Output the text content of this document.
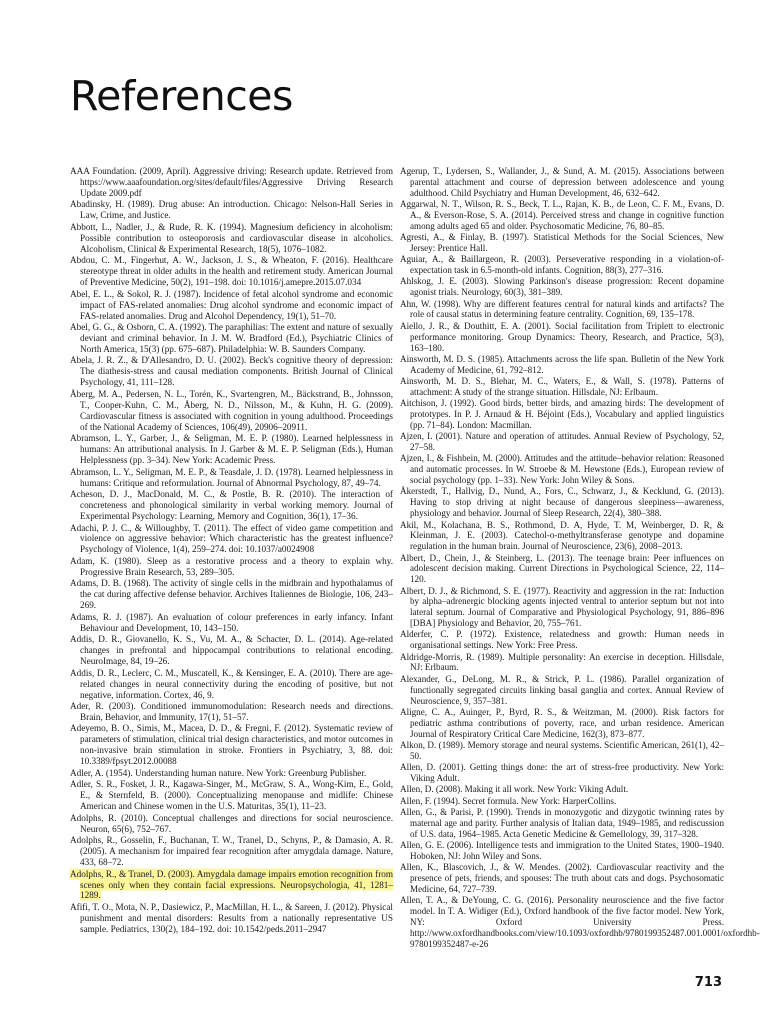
References
AAA Foundation. (2009, April). Aggressive driving: Research update. Retrieved from https://www.aaafoundation.org/sites/default/files/Aggressive Driving Research Update 2009.pdf
Abadinsky, H. (1989). Drug abuse: An introduction. Chicago: Nelson-Hall Series in Law, Crime, and Justice.
Abbott, L., Nadler, J., & Rude, R. K. (1994). Magnesium deficiency in alcoholism: Possible contribution to osteoporosis and cardiovascular disease in alcoholics. Alcoholism, Clinical & Experimental Research, 18(5), 1076–1082.
Abdou, C. M., Fingerhut, A. W., Jackson, J. S., & Wheaton, F. (2016). Healthcare stereotype threat in older adults in the health and retirement study. American Journal of Preventive Medicine, 50(2), 191–198. doi: 10.1016/j.amepre.2015.07.034
Abel, E. L., & Sokol, R. J. (1987). Incidence of fetal alcohol syndrome and economic impact of FAS-related anomalies: Drug alcohol syndrome and economic impact of FAS-related anomalies. Drug and Alcohol Dependency, 19(1), 51–70.
Abel, G. G., & Osborn, C. A. (1992). The paraphilias: The extent and nature of sexually deviant and criminal behavior. In J. M. W. Bradford (Ed.), Psychiatric Clinics of North America, 15(3) (pp. 675–687). Philadelphia: W. B. Saunders Company.
Abela, J. R. Z., & D'Allesandro, D. U. (2002). Beck's cognitive theory of depression: The diathesis-stress and causal mediation components. British Journal of Clinical Psychology, 41, 111–128.
Åberg, M. A., Pedersen, N. L., Torén, K., Svartengren, M., Bäckstrand, B., Johnsson, T., Cooper-Kuhn, C. M., Åberg, N. D., Nilsson, M., & Kuhn, H. G. (2009). Cardiovascular fitness is associated with cognition in young adulthood. Proceedings of the National Academy of Sciences, 106(49), 20906–20911.
Abramson, L. Y., Garber, J., & Seligman, M. E. P. (1980). Learned helplessness in humans: An attributional analysis. In J. Garber & M. E. P. Seligman (Eds.), Human Helplessness (pp. 3–34). New York: Academic Press.
Abramson, L. Y., Seligman, M. E. P., & Teasdale, J. D. (1978). Learned helplessness in humans: Critique and reformulation. Journal of Abnormal Psychology, 87, 49–74.
Acheson, D. J., MacDonald, M. C., & Postle, B. R. (2010). The interaction of concreteness and phonological similarity in verbal working memory. Journal of Experimental Psychology: Learning, Memory and Cognition, 36(1), 17–36.
Adachi, P. J. C., & Willoughby, T. (2011). The effect of video game competition and violence on aggressive behavior: Which characteristic has the greatest influence? Psychology of Violence, 1(4), 259–274. doi: 10.1037/a0024908
Adam, K. (1980). Sleep as a restorative process and a theory to explain why. Progressive Brain Research, 53, 289–305.
Adams, D. B. (1968). The activity of single cells in the midbrain and hypothalamus of the cat during affective defense behavior. Archives Italiennes de Biologie, 106, 243–269.
Adams, R. J. (1987). An evaluation of colour preferences in early infancy. Infant Behaviour and Development, 10, 143–150.
Addis, D. R., Giovanello, K. S., Vu, M. A., & Schacter, D. L. (2014). Age-related changes in prefrontal and hippocampal contributions to relational encoding. NeuroImage, 84, 19–26.
Addis, D. R., Leclerc, C. M., Muscatell, K., & Kensinger, E. A. (2010). There are age-related changes in neural connectivity during the encoding of positive, but not negative, information. Cortex, 46, 9.
Ader, R. (2003). Conditioned immunomodulation: Research needs and directions. Brain, Behavior, and Immunity, 17(1), 51–57.
Adeyemo, B. O., Simis, M., Macea, D. D., & Fregni, F. (2012). Systematic review of parameters of stimulation, clinical trial design characteristics, and motor outcomes in non-invasive brain stimulation in stroke. Frontiers in Psychiatry, 3, 88. doi: 10.3389/fpsyt.2012.00088
Adler, A. (1954). Understanding human nature. New York: Greenburg Publisher.
Adler, S. R., Fosket, J. R., Kagawa-Singer, M., McGraw, S. A., Wong-Kim, E., Gold, E., & Sternfeld, B. (2000). Conceptualizing menopause and midlife: Chinese American and Chinese women in the U.S. Maturitas, 35(1), 11–23.
Adolphs, R. (2010). Conceptual challenges and directions for social neuroscience. Neuron, 65(6), 752–767.
Adolphs, R., Gosselin, F., Buchanan, T. W., Tranel, D., Schyns, P., & Damasio, A. R. (2005). A mechanism for impaired fear recognition after amygdala damage. Nature, 433, 68–72.
Adolphs, R., & Tranel, D. (2003). Amygdala damage impairs emotion recognition from scenes only when they contain facial expressions. Neuropsychologia, 41, 1281–1289.
Afifi, T. O., Mota, N. P., Dasiewicz, P., MacMillan, H. L., & Sareen, J. (2012). Physical punishment and mental disorders: Results from a nationally representative US sample. Pediatrics, 130(2), 184–192. doi: 10.1542/peds.2011–2947
Agerup, T., Lydersen, S., Wallander, J., & Sund, A. M. (2015). Associations between parental attachment and course of depression between adolescence and young adulthood. Child Psychiatry and Human Development, 46, 632–642.
Aggarwal, N. T., Wilson, R. S., Beck, T. L., Rajan, K. B., de Leon, C. F. M., Evans, D. A., & Everson-Rose, S. A. (2014). Perceived stress and change in cognitive function among adults aged 65 and older. Psychosomatic Medicine, 76, 80–85.
Agresti, A., & Finlay, B. (1997). Statistical Methods for the Social Sciences, New Jersey: Prentice Hall.
Aguiar, A., & Baillargeon, R. (2003). Perseverative responding in a violation-of-expectation task in 6.5-month-old infants. Cognition, 88(3), 277–316.
Ahlskog, J. E. (2003). Slowing Parkinson's disease progression: Recent dopamine agonist trials. Neurology, 60(3), 381–389.
Ahn, W. (1998). Why are different features central for natural kinds and artifacts? The role of causal status in determining feature centrality. Cognition, 69, 135–178.
Aiello, J. R., & Douthitt, E. A. (2001). Social facilitation from Triplett to electronic performance monitoring. Group Dynamics: Theory, Research, and Practice, 5(3), 163–180.
Ainsworth, M. D. S. (1985). Attachments across the life span. Bulletin of the New York Academy of Medicine, 61, 792–812.
Ainsworth, M. D. S., Blehar, M. C., Waters, E., & Wall, S. (1978). Patterns of attachment: A study of the strange situation. Hillsdale, NJ: Erlbaum.
Aitchison, J. (1992). Good birds, better birds, and amazing birds: The development of prototypes. In P. J. Arnaud & H. Béjoint (Eds.), Vocabulary and applied linguistics (pp. 71–84). London: Macmillan.
Ajzen, I. (2001). Nature and operation of attitudes. Annual Review of Psychology, 52, 27–58.
Ajzen, I., & Fishbein, M. (2000). Attitudes and the attitude–behavior relation: Reasoned and automatic processes. In W. Stroebe & M. Hewstone (Eds.), European review of social psychology (pp. 1–33). New York: John Wiley & Sons.
Åkerstedt, T., Hallvig, D., Nund, A., Fors, C., Schwarz, J., & Kecklund, G. (2013). Having to stop driving at night because of dangerous sleepiness—awareness, physiology and behavior. Journal of Sleep Research, 22(4), 380–388.
Akil, M., Kolachana, B. S., Rothmond, D. A, Hyde, T. M, Weinberger, D. R, & Kleinman, J. E. (2003). Catechol-o-methyltransferase genotype and dopamine regulation in the human brain. Journal of Neuroscience, 23(6), 2008–2013.
Albert, D., Chein, J., & Steinberg, L. (2013). The teenage brain: Peer influences on adolescent decision making. Current Directions in Psychological Science, 22, 114–120.
Albert, D. J., & Richmond, S. E. (1977). Reactivity and aggression in the rat: Induction by alpha–adrenergic blocking agents injected ventral to anterior septum but not into lateral septum. Journal of Comparative and Physiological Psychology, 91, 886–896 [DBA] Physiology and Behavior, 20, 755–761.
Alderfer, C. P. (1972). Existence, relatedness and growth: Human needs in organisational settings. New York: Free Press.
Aldridge-Morris, R. (1989). Multiple personality: An exercise in deception. Hillsdale, NJ: Erlbaum.
Alexander, G., DeLong, M. R., & Strick, P. L. (1986). Parallel organization of functionally segregated circuits linking basal ganglia and cortex. Annual Review of Neuroscience, 9, 357–381.
Aligne, C. A., Auinger, P., Byrd, R. S., & Weitzman, M. (2000). Risk factors for pediatric asthma contributions of poverty, race, and urban residence. American Journal of Respiratory Critical Care Medicine, 162(3), 873–877.
Alkon, D. (1989). Memory storage and neural systems. Scientific American, 261(1), 42–50.
Allen, D. (2001). Getting things done: the art of stress-free productivity. New York: Viking Adult.
Allen, D. (2008). Making it all work. New York: Viking Adult.
Allen, F. (1994). Secret formula. New York: HarperCollins.
Allen, G., & Parisi, P. (1990). Trends in monozygotic and dizygotic twinning rates by maternal age and parity. Further analysis of Italian data, 1949–1985, and rediscussion of U.S. data, 1964–1985. Acta Genetic Medicine & Gemellology, 39, 317–328.
Allen, G. E. (2006). Intelligence tests and immigration to the United States, 1900–1940. Hoboken, NJ: John Wiley and Sons.
Allen, K., Blascovich, J., & W. Mendes. (2002). Cardiovascular reactivity and the presence of pets, friends, and spouses: The truth about cats and dogs. Psychosomatic Medicine, 64, 727–739.
Allen, T. A., & DeYoung, C. G. (2016). Personality neuroscience and the five factor model. In T. A. Widiger (Ed.), Oxford handbook of the five factor model. New York, NY: Oxford University Press. http://www.oxfordhandbooks.com/view/10.1093/oxfordhb/9780199352487.001.0001/oxfordhb-9780199352487-e-26
713
